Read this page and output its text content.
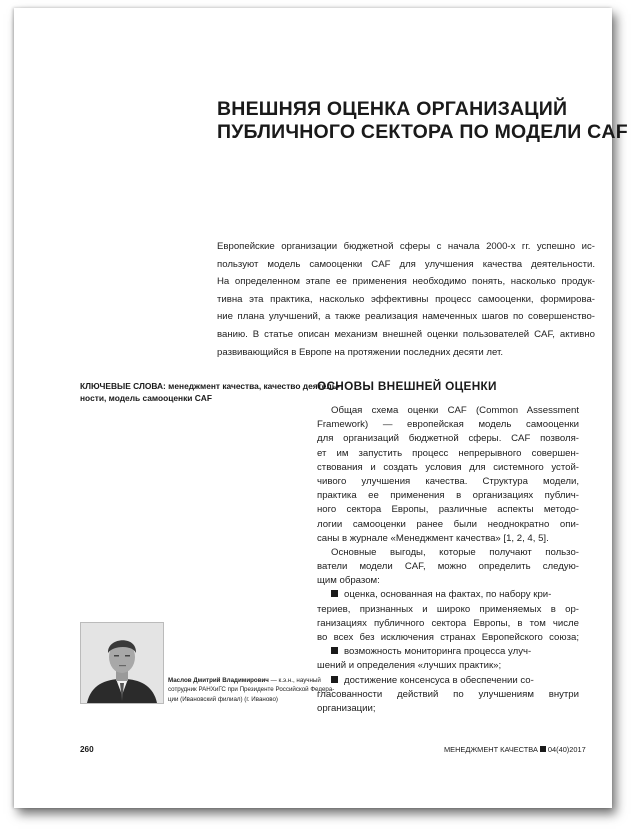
ВНЕШНЯЯ ОЦЕНКА ОРГАНИЗАЦИЙ
ПУБЛИЧНОГО СЕКТОРА ПО МОДЕЛИ CAF
Европейские организации бюджетной сферы с начала 2000-х гг. успешно ис-
пользуют модель самооценки CAF для улучшения качества деятельности.
На определенном этапе ее применения необходимо понять, насколько продук-
тивна эта практика, насколько эффективны процесс самооценки, формирова-
ние плана улучшений, а также реализация намеченных шагов по совершенство-
ванию. В статье описан механизм внешней оценки пользователей CAF, активно
развивающийся в Европе на протяжении последних десяти лет.
КЛЮЧЕВЫЕ СЛОВА: менеджмент качества, качество деятель-
ности, модель самооценки CAF
ОСНОВЫ ВНЕШНЕЙ ОЦЕНКИ
Общая схема оценки CAF (Common Assessment
Framework) — европейская модель самооценки
для организаций бюджетной сферы. CAF позволя-
ет им запустить процесс непрерывного совершен-
ствования и создать условия для системного устой-
чивого улучшения качества. Структура модели,
практика ее применения в организациях публич-
ного сектора Европы, различные аспекты методо-
логии самооценки ранее были неоднократно опи-
саны в журнале «Менеджмент качества» [1, 2, 4, 5].
Основные выгоды, которые получают пользо-
ватели модели CAF, можно определить следую-
щим образом:
оценка, основанная на фактах, по набору кри-
териев, признанных и широко применяемых в ор-
ганизациях публичного сектора Европы, в том числе
во всех без исключения странах Европейского союза;
возможность мониторинга процесса улуч-
шений и определения «лучших практик»;
достижение консенсуса в обеспечении со-
гласованности действий по улучшениям внутри
организации;
Маслов Дмитрий Владимирович — к.э.н., научный
сотрудник РАНХиГС при Президенте Российской Федера-
ции (Ивановский филиал) (г. Иваново)
260	МЕНЕДЖМЕНТ КАЧЕСТВА 04(40)2017
